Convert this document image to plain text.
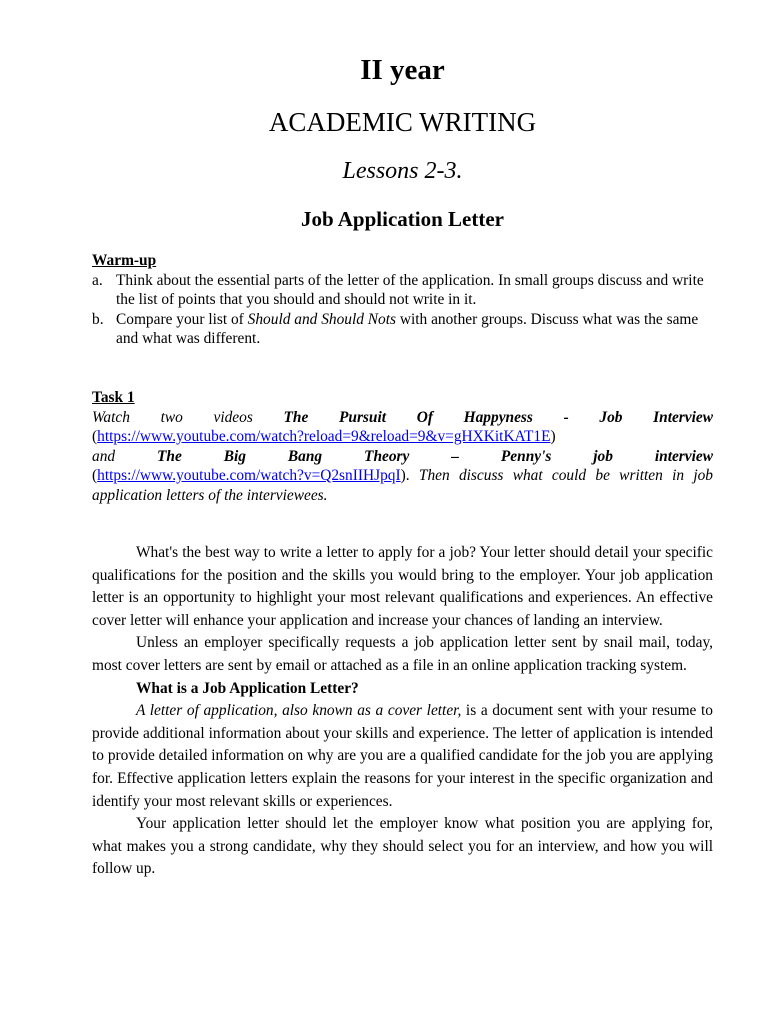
II year
ACADEMIC WRITING
Lessons 2-3.
Job Application Letter
Warm-up
a. Think about the essential parts of the letter of the application. In small groups discuss and write the list of points that you should and should not write in it.
b. Compare your list of Should and Should Nots with another groups. Discuss what was the same and what was different.
Task 1
Watch two videos The Pursuit Of Happyness - Job Interview
(https://www.youtube.com/watch?reload=9&reload=9&v=gHXKitKAT1E)
and	The Big Bang Theory – Penny's job interview
(https://www.youtube.com/watch?v=Q2snIIHJpqI). Then discuss what could be written in job application letters of the interviewees.

What's the best way to write a letter to apply for a job? Your letter should detail your specific qualifications for the position and the skills you would bring to the employer. Your job application letter is an opportunity to highlight your most relevant qualifications and experiences. An effective cover letter will enhance your application and increase your chances of landing an interview.

Unless an employer specifically requests a job application letter sent by snail mail, today, most cover letters are sent by email or attached as a file in an online application tracking system.

What is a Job Application Letter?

A letter of application, also known as a cover letter, is a document sent with your resume to provide additional information about your skills and experience. The letter of application is intended to provide detailed information on why are you are a qualified candidate for the job you are applying for. Effective application letters explain the reasons for your interest in the specific organization and identify your most relevant skills or experiences.

Your application letter should let the employer know what position you are applying for, what makes you a strong candidate, why they should select you for an interview, and how you will follow up.
